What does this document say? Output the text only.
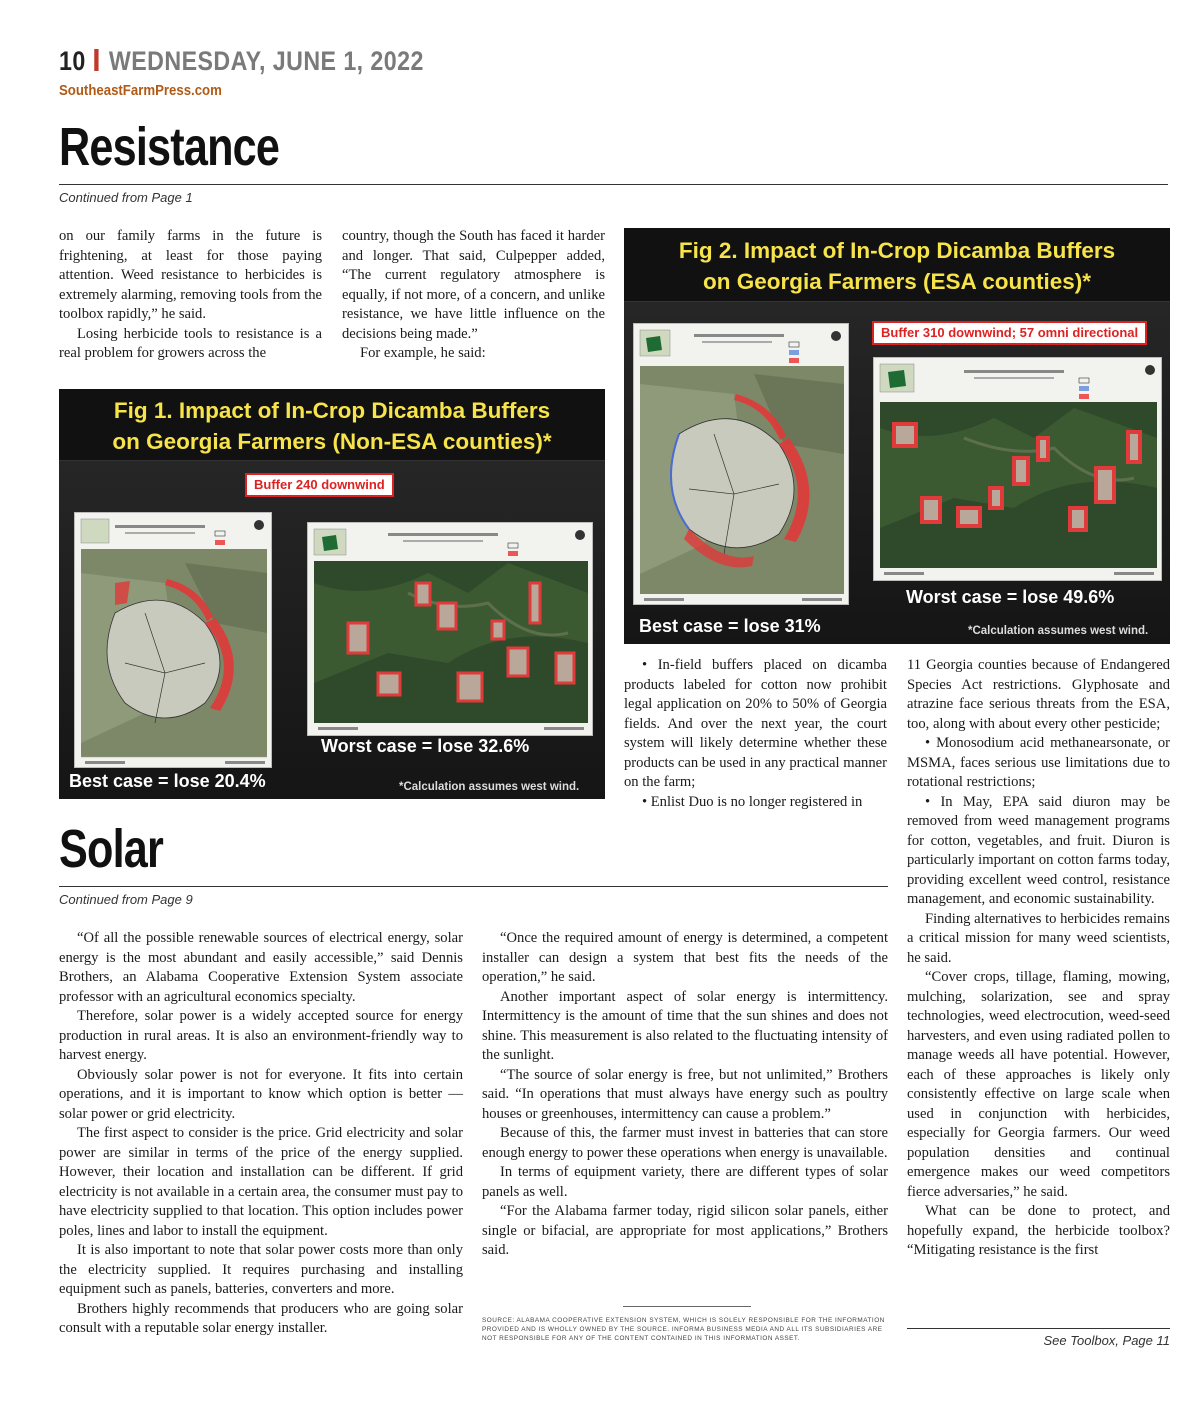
10 WEDNESDAY, JUNE 1, 2022
SoutheastFarmPress.com
Resistance
Continued from Page 1

on our family farms in the future is frightening, at least for those paying attention. Weed resistance to herbicides is extremely alarming, removing tools from the toolbox rapidly,” he said.

Losing herbicide tools to resistance is a real problem for growers across the

country, though the South has faced it harder and longer. That said, Culpepper added, “The current regulatory atmosphere is equally, if not more, of a concern, and unlike resistance, we have little influence on the decisions being made.”

For example, he said:

Fig 1. Impact of In-Crop Dicamba Buffers
on Georgia Farmers (Non-ESA counties)*
Buffer 240 downwind
Worst case = lose 32.6%
Best case = lose 20.4%	*Calculation assumes west wind.
Fig 2. Impact of In-Crop Dicamba Buffers
on Georgia Farmers (ESA counties)*
Buffer 310 downwind; 57 omni directional
Worst case = lose 49.6%
Best case = lose 31%	*Calculation assumes west wind.

• In-field buffers placed on dicamba products labeled for cotton now prohibit legal application on 20% to 50% of Georgia fields. And over the next year, the court system will likely determine whether these products can be used in any practical manner on the farm;

• Enlist Duo is no longer registered in

11 Georgia counties because of Endangered Species Act restrictions. Glyphosate and atrazine face serious threats from the ESA, too, along with about every other pesticide;

• Monosodium acid methanearsonate, or MSMA, faces serious use limitations due to rotational restrictions;

• In May, EPA said diuron may be removed from weed management programs for cotton, vegetables, and fruit. Diuron is particularly important on cotton farms today, providing excellent weed control, resistance management, and economic sustainability.

Finding alternatives to herbicides remains a critical mission for many weed scientists, he said.

“Cover crops, tillage, flaming, mowing, mulching, solarization, see and spray technologies, weed electrocution, weed-seed harvesters, and even using radiated pollen to manage weeds all have potential. However, each of these approaches is likely only consistently effective on large scale when used in conjunction with herbicides, especially for Georgia farmers. Our weed population densities and continual emergence makes our weed competitors fierce adversaries,” he said.

What can be done to protect, and hopefully expand, the herbicide toolbox? “Mitigating resistance is the first

Solar
Continued from Page 9

“Of all the possible renewable sources of electrical energy, solar energy is the most abundant and easily accessible,” said Dennis Brothers, an Alabama Cooperative Extension System associate professor with an agricultural economics specialty.

Therefore, solar power is a widely accepted source for energy production in rural areas. It is also an environment-friendly way to harvest energy.

Obviously solar power is not for everyone. It fits into certain operations, and it is important to know which option is better — solar power or grid electricity.

The first aspect to consider is the price. Grid electricity and solar power are similar in terms of the price of the energy supplied. However, their location and installation can be different. If grid electricity is not available in a certain area, the consumer must pay to have electricity supplied to that location. This option includes power poles, lines and labor to install the equipment.

It is also important to note that solar power costs more than only the electricity supplied. It requires purchasing and installing equipment such as panels, batteries, converters and more.

Brothers highly recommends that producers who are going solar consult with a reputable solar energy installer.

“Once the required amount of energy is determined, a competent installer can design a system that best fits the needs of the operation,” he said.

Another important aspect of solar energy is intermittency. Intermittency is the amount of time that the sun shines and does not shine. This measurement is also related to the fluctuating intensity of the sunlight.

“The source of solar energy is free, but not unlimited,” Brothers said. “In operations that must always have energy such as poultry houses or greenhouses, intermittency can cause a problem.”

Because of this, the farmer must invest in batteries that can store enough energy to power these operations when energy is unavailable.

In terms of equipment variety, there are different types of solar panels as well.

“For the Alabama farmer today, rigid silicon solar panels, either single or bifacial, are appropriate for most applications,” Brothers said.

SOURCE: ALABAMA COOPERATIVE EXTENSION SYSTEM, WHICH IS SOLELY RESPONSIBLE FOR THE INFORMATION PROVIDED AND IS WHOLLY OWNED BY THE SOURCE. INFORMA BUSINESS MEDIA AND ALL ITS SUBSIDIARIES ARE NOT RESPONSIBLE FOR ANY OF THE CONTENT CONTAINED IN THIS INFORMATION ASSET.	See Toolbox, Page 11
